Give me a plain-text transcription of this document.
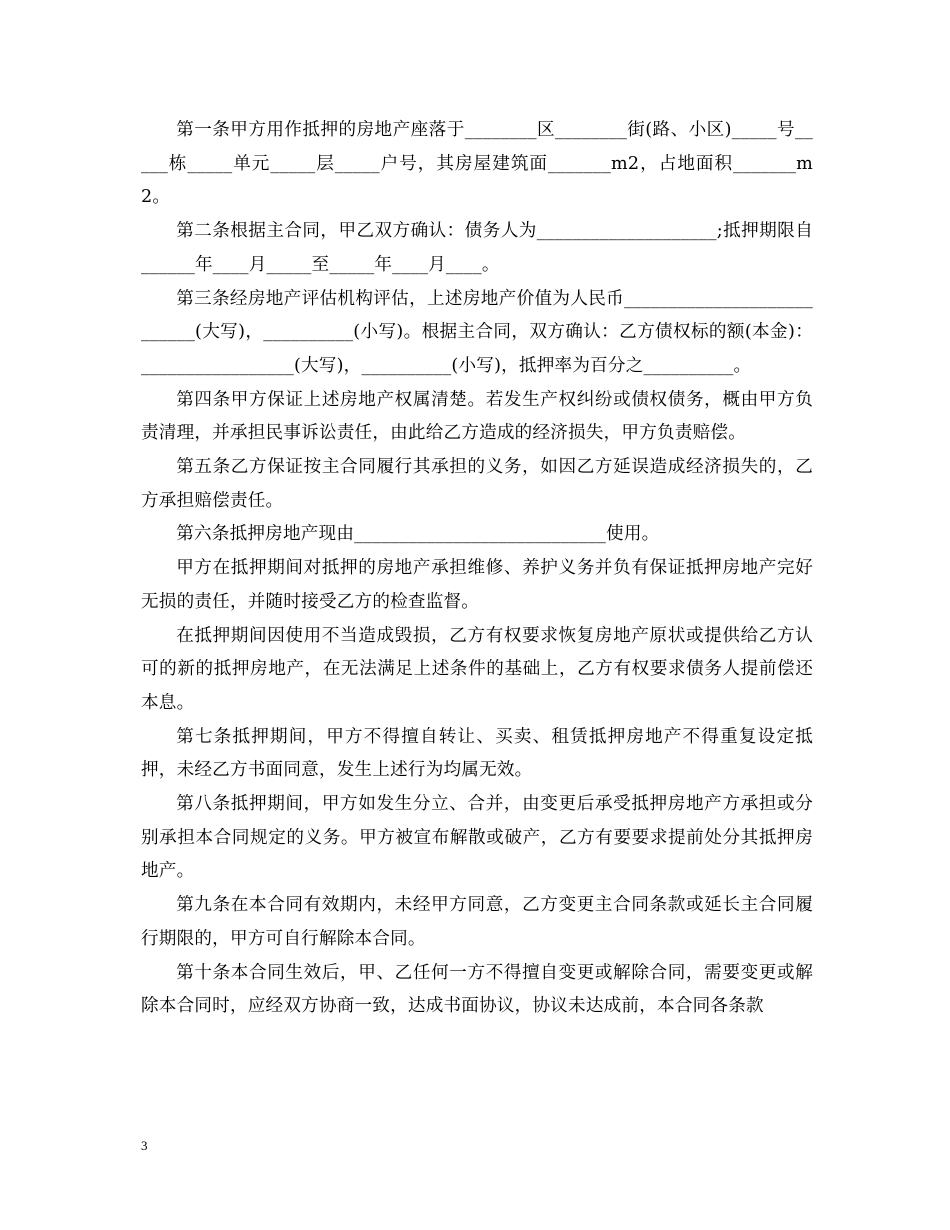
第一条甲方用作抵押的房地产座落于________区________街(路、小区)_____号_____栋_____单元_____层_____户号，其房屋建筑面_______m2，占地面积_______m2。

第二条根据主合同，甲乙双方确认：债务人为____________________;抵押期限自______年____月_____至_____年____月____。

第三条经房地产评估机构评估，上述房地产价值为人民币___________________________(大写)，__________(小写)。根据主合同，双方确认：乙方债权标的额(本金)：_________________(大写)，__________(小写)，抵押率为百分之__________。

第四条甲方保证上述房地产权属清楚。若发生产权纠纷或债权债务，概由甲方负责清理，并承担民事诉讼责任，由此给乙方造成的经济损失，甲方负责赔偿。

第五条乙方保证按主合同履行其承担的义务，如因乙方延误造成经济损失的，乙方承担赔偿责任。

第六条抵押房地产现由____________________________使用。

甲方在抵押期间对抵押的房地产承担维修、养护义务并负有保证抵押房地产完好无损的责任，并随时接受乙方的检查监督。

在抵押期间因使用不当造成毁损，乙方有权要求恢复房地产原状或提供给乙方认可的新的抵押房地产，在无法满足上述条件的基础上，乙方有权要求债务人提前偿还本息。

第七条抵押期间，甲方不得擅自转让、买卖、租赁抵押房地产不得重复设定抵押，未经乙方书面同意，发生上述行为均属无效。

第八条抵押期间，甲方如发生分立、合并，由变更后承受抵押房地产方承担或分别承担本合同规定的义务。甲方被宣布解散或破产，乙方有要要求提前处分其抵押房地产。

第九条在本合同有效期内，未经甲方同意，乙方变更主合同条款或延长主合同履行期限的，甲方可自行解除本合同。

第十条本合同生效后，甲、乙任何一方不得擅自变更或解除合同，需要变更或解除本合同时，应经双方协商一致，达成书面协议，协议未达成前，本合同各条款

3
